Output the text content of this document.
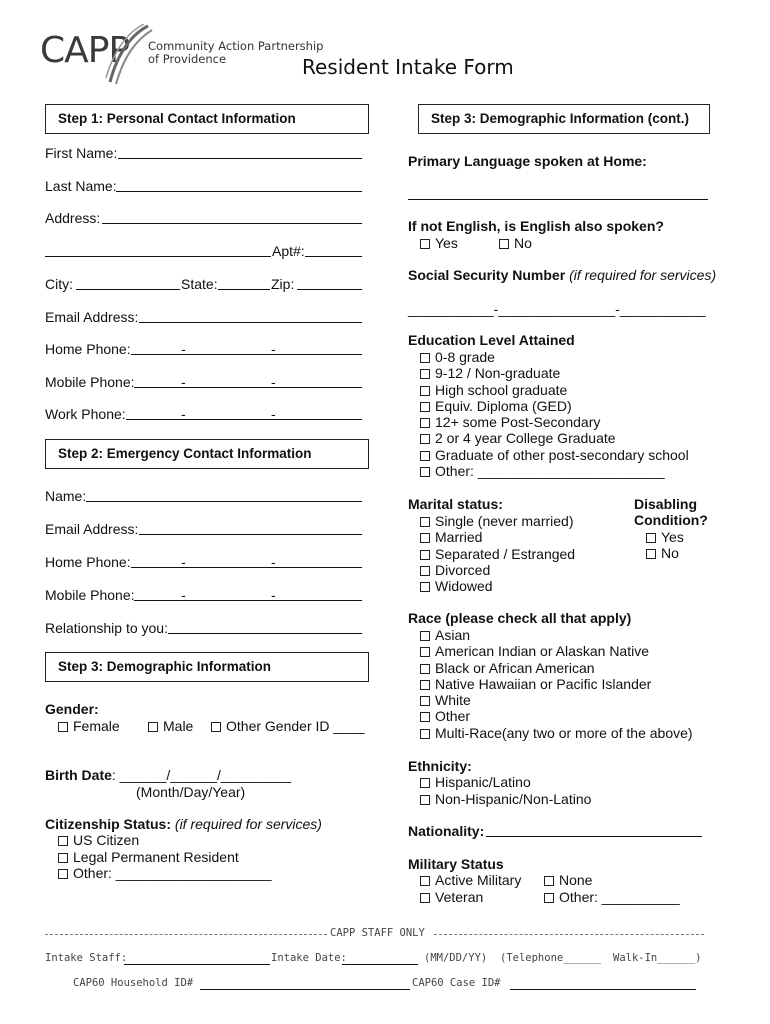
CAPP Community Action Partnership
of Providence	Resident Intake Form
Step 1: Personal Contact Information
First Name:
Last Name:
Address:
Apt#:
City:	State:	Zip:
Email Address:
Home Phone:	-	-
Mobile Phone:	-	-
Work Phone:	-	-
Step 2: Emergency Contact Information
Name:
Email Address:
Home Phone:	-	-
Mobile Phone:	-	-
Relationship to you:
Step 3: Demographic Information
Gender:
Female	Male	Other Gender ID ____
Birth Date: ______/______/_________
(Month/Day/Year)
Citizenship Status: (if required for services)
US Citizen
Legal Permanent Resident
Other: ____________________
Step 3: Demographic Information (cont.)
Primary Language spoken at Home:
If not English, is English also spoken?
Yes	No
Social Security Number (if required for services)
___________-_______________-___________
Education Level Attained
0-8 grade
9-12 / Non-graduate
High school graduate
Equiv. Diploma (GED)
12+ some Post-Secondary
2 or 4 year College Graduate
Graduate of other post-secondary school
Other: ________________________
Marital status:
Single (never married)
Married
Separated / Estranged
Divorced
Widowed
Disabling
Condition?
Yes
No
Race (please check all that apply)
Asian
American Indian or Alaskan Native
Black or African American
Native Hawaiian or Pacific Islander
White
Other
Multi-Race(any two or more of the above)
Ethnicity:
Hispanic/Latino
Non-Hispanic/Non-Latino
Nationality:
Military Status
Active Military
Veteran
None
Other: __________
CAPP STAFF ONLY
Intake Staff:	Intake Date:	(MM/DD/YY) (Telephone______ Walk-In______)
CAP60 Household ID#	CAP60 Case ID#
